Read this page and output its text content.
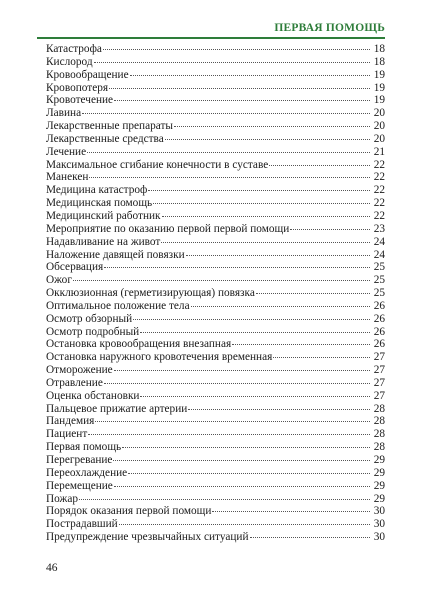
ПЕРВАЯ ПОМОЩЬ
Катастрофа	18
Кислород	18
Кровообращение	19
Кровопотеря	19
Кровотечение	19
Лавина	20
Лекарственные препараты	20
Лекарственные средства	20
Лечение	21
Максимальное сгибание конечности в суставе	22
Манекен	22
Медицина катастроф	22
Медицинская помощь	22
Медицинский работник	22
Мероприятие по оказанию первой первой помощи	23
Надавливание на живот	24
Наложение давящей повязки	24
Обсервация	25
Ожог	25
Окклюзионная (герметизирующая) повязка	25
Оптимальное положение тела	26
Осмотр обзорный	26
Осмотр подробный	26
Остановка кровообращения внезапная	26
Остановка наружного кровотечения временная	27
Отморожение	27
Отравление	27
Оценка обстановки	27
Пальцевое прижатие артерии	28
Пандемия	28
Пациент	28
Первая помощь	28
Перегревание	29
Переохлаждение	29
Перемещение	29
Пожар	29
Порядок оказания первой помощи	30
Пострадавший	30
Предупреждение чрезвычайных ситуаций	30
46
